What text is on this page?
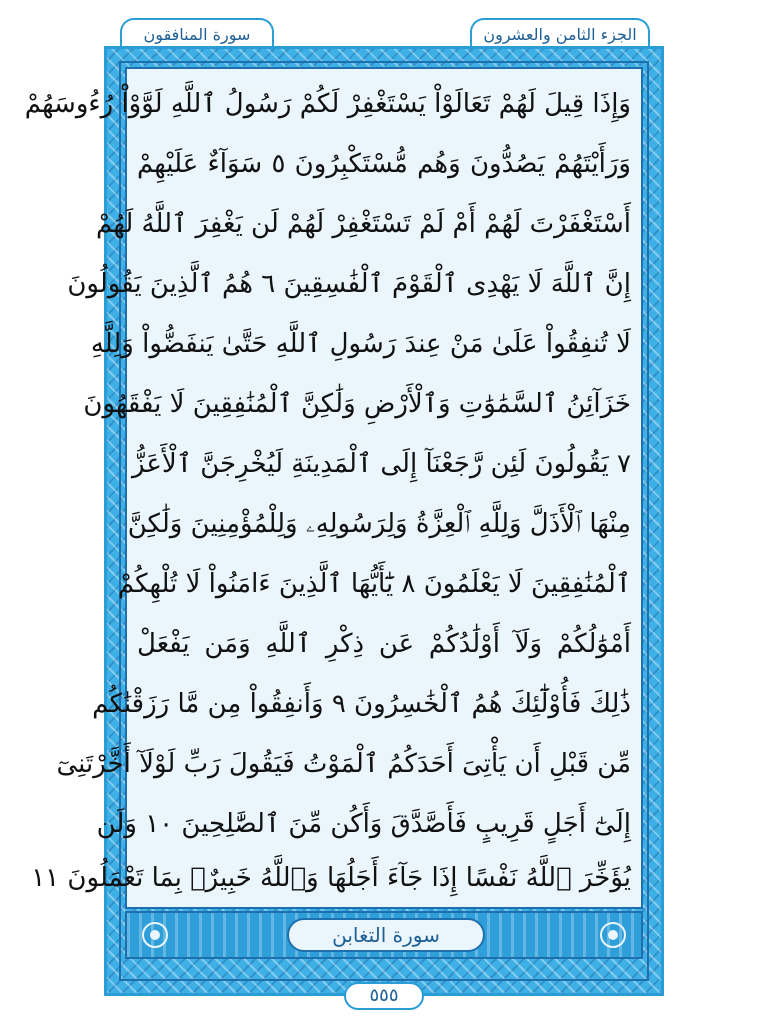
الجزء الثامن والعشرون
سورة المنافقون
وَإِذَا قِيلَ لَهُمْ تَعَالَوْاْ يَسْتَغْفِرْ لَكُمْ رَسُولُ ٱللَّهِ لَوَّوْاْ رُءُوسَهُمْ
وَرَأَيْتَهُمْ يَصُدُّونَ وَهُم مُّسْتَكْبِرُونَ ٥ سَوَآءٌ عَلَيْهِمْ
أَسْتَغْفَرْتَ لَهُمْ أَمْ لَمْ تَسْتَغْفِرْ لَهُمْ لَن يَغْفِرَ ٱللَّهُ لَهُمْ
إِنَّ ٱللَّهَ لَا يَهْدِى ٱلْقَوْمَ ٱلْفَٰسِقِينَ ٦ هُمُ ٱلَّذِينَ يَقُولُونَ
لَا تُنفِقُواْ عَلَىٰ مَنْ عِندَ رَسُولِ ٱللَّهِ حَتَّىٰ يَنفَضُّواْ وَلِلَّهِ
خَزَآئِنُ ٱلسَّمَٰوَٰتِ وَٱلْأَرْضِ وَلَٰكِنَّ ٱلْمُنَٰفِقِينَ لَا يَفْقَهُونَ
٧ يَقُولُونَ لَئِن رَّجَعْنَآ إِلَى ٱلْمَدِينَةِ لَيُخْرِجَنَّ ٱلْأَعَزُّ
مِنْهَا ٱلْأَذَلَّ وَلِلَّهِ ٱلْعِزَّةُ وَلِرَسُولِهِۦ وَلِلْمُؤْمِنِينَ وَلَٰكِنَّ
ٱلْمُنَٰفِقِينَ لَا يَعْلَمُونَ ٨ يَٰٓأَيُّهَا ٱلَّذِينَ ءَامَنُواْ لَا تُلْهِكُمْ
أَمْوَٰلُكُمْ وَلَآ أَوْلَٰدُكُمْ عَن ذِكْرِ ٱللَّهِ وَمَن يَفْعَلْ
ذَٰلِكَ فَأُوْلَٰٓئِكَ هُمُ ٱلْخَٰسِرُونَ ٩ وَأَنفِقُواْ مِن مَّا رَزَقْنَٰكُم
مِّن قَبْلِ أَن يَأْتِىَ أَحَدَكُمُ ٱلْمَوْتُ فَيَقُولَ رَبِّ لَوْلَآ أَخَّرْتَنِىٓ
إِلَىٰٓ أَجَلٍ قَرِيبٍ فَأَصَّدَّقَ وَأَكُن مِّنَ ٱلصَّٰلِحِينَ ١٠ وَلَن
يُؤَخِّرَ ٱللَّهُ نَفْسًا إِذَا جَآءَ أَجَلُهَا وَٱللَّهُ خَبِيرٌۢ بِمَا تَعْمَلُونَ ١١
سورة التغابن
٥٥٥
